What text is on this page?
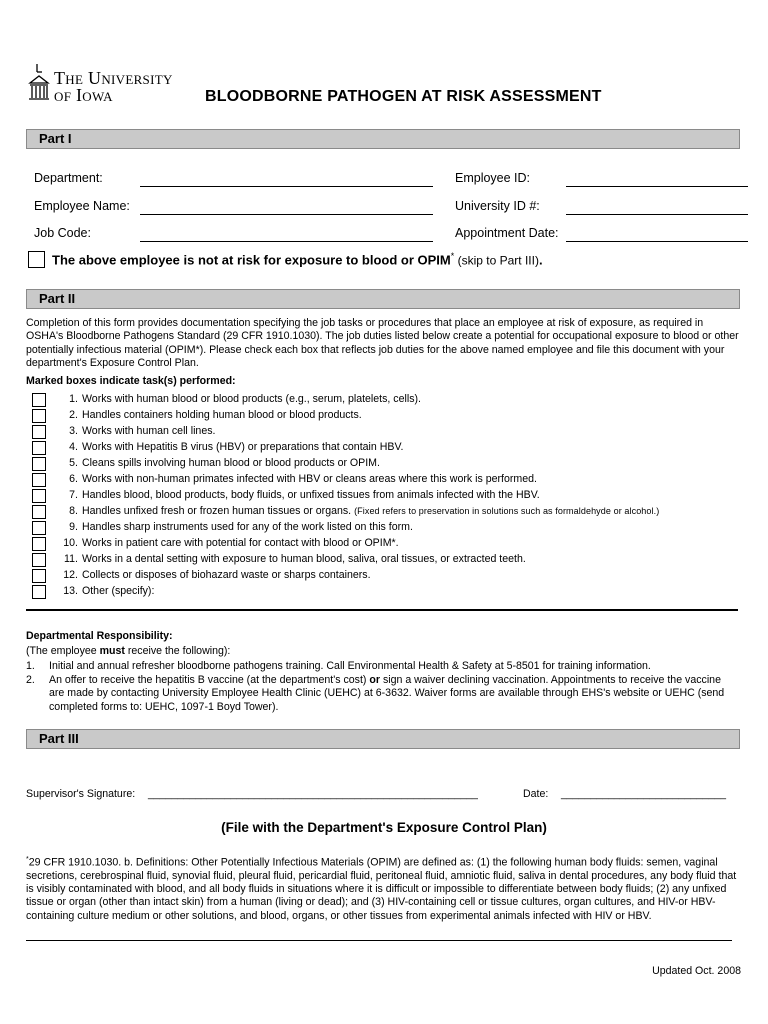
The University
of Iowa	BLOODBORNE PATHOGEN AT RISK ASSESSMENT
Part I
Department:
Employee Name:
Job Code:
Employee ID:
University ID #:
Appointment Date:
The above employee is not at risk for exposure to blood or OPIM* (skip to Part III).
Part II
Completion of this form provides documentation specifying the job tasks or procedures that place an employee at risk of exposure, as required in OSHA's Bloodborne Pathogens Standard (29 CFR 1910.1030). The job duties listed below create a potential for occupational exposure to blood or other potentially infectious material (OPIM*). Please check each box that reflects job duties for the above named employee and file this document with your department's Exposure Control Plan.
Marked boxes indicate task(s) performed:
1. Works with human blood or blood products (e.g., serum, platelets, cells).
2. Handles containers holding human blood or blood products.
3. Works with human cell lines.
4. Works with Hepatitis B virus (HBV) or preparations that contain HBV.
5. Cleans spills involving human blood or blood products or OPIM.
6. Works with non-human primates infected with HBV or cleans areas where this work is performed.
7. Handles blood, blood products, body fluids, or unfixed tissues from animals infected with the HBV.
8. Handles unfixed fresh or frozen human tissues or organs. (Fixed refers to preservation in solutions such as formaldehyde or alcohol.)
9. Handles sharp instruments used for any of the work listed on this form.
10. Works in patient care with potential for contact with blood or OPIM*.
11. Works in a dental setting with exposure to human blood, saliva, oral tissues, or extracted teeth.
12. Collects or disposes of biohazard waste or sharps containers.
13. Other (specify):
Departmental Responsibility:
(The employee must receive the following):
1. Initial and annual refresher bloodborne pathogens training. Call Environmental Health & Safety at 5-8501 for training information.
2. An offer to receive the hepatitis B vaccine (at the department's cost) or sign a waiver declining vaccination. Appointments to receive the vaccine are made by contacting University Employee Health Clinic (UEHC) at 6-3632. Waiver forms are available through EHS's website or UEHC (send completed forms to: UEHC, 1097-1 Boyd Tower).
Part III
Supervisor's Signature: ________________________________________________________	Date: ____________________________
(File with the Department's Exposure Control Plan)
*29 CFR 1910.1030. b. Definitions: Other Potentially Infectious Materials (OPIM) are defined as: (1) the following human body fluids: semen, vaginal secretions, cerebrospinal fluid, synovial fluid, pleural fluid, pericardial fluid, peritoneal fluid, amniotic fluid, saliva in dental procedures, any body fluid that is visibly contaminated with blood, and all body fluids in situations where it is difficult or impossible to differentiate between body fluids; (2) any unfixed tissue or organ (other than intact skin) from a human (living or dead); and (3) HIV-containing cell or tissue cultures, organ cultures, and HIV-or HBV-containing culture medium or other solutions, and blood, organs, or other tissues from experimental animals infected with HIV or HBV.
Updated Oct. 2008
